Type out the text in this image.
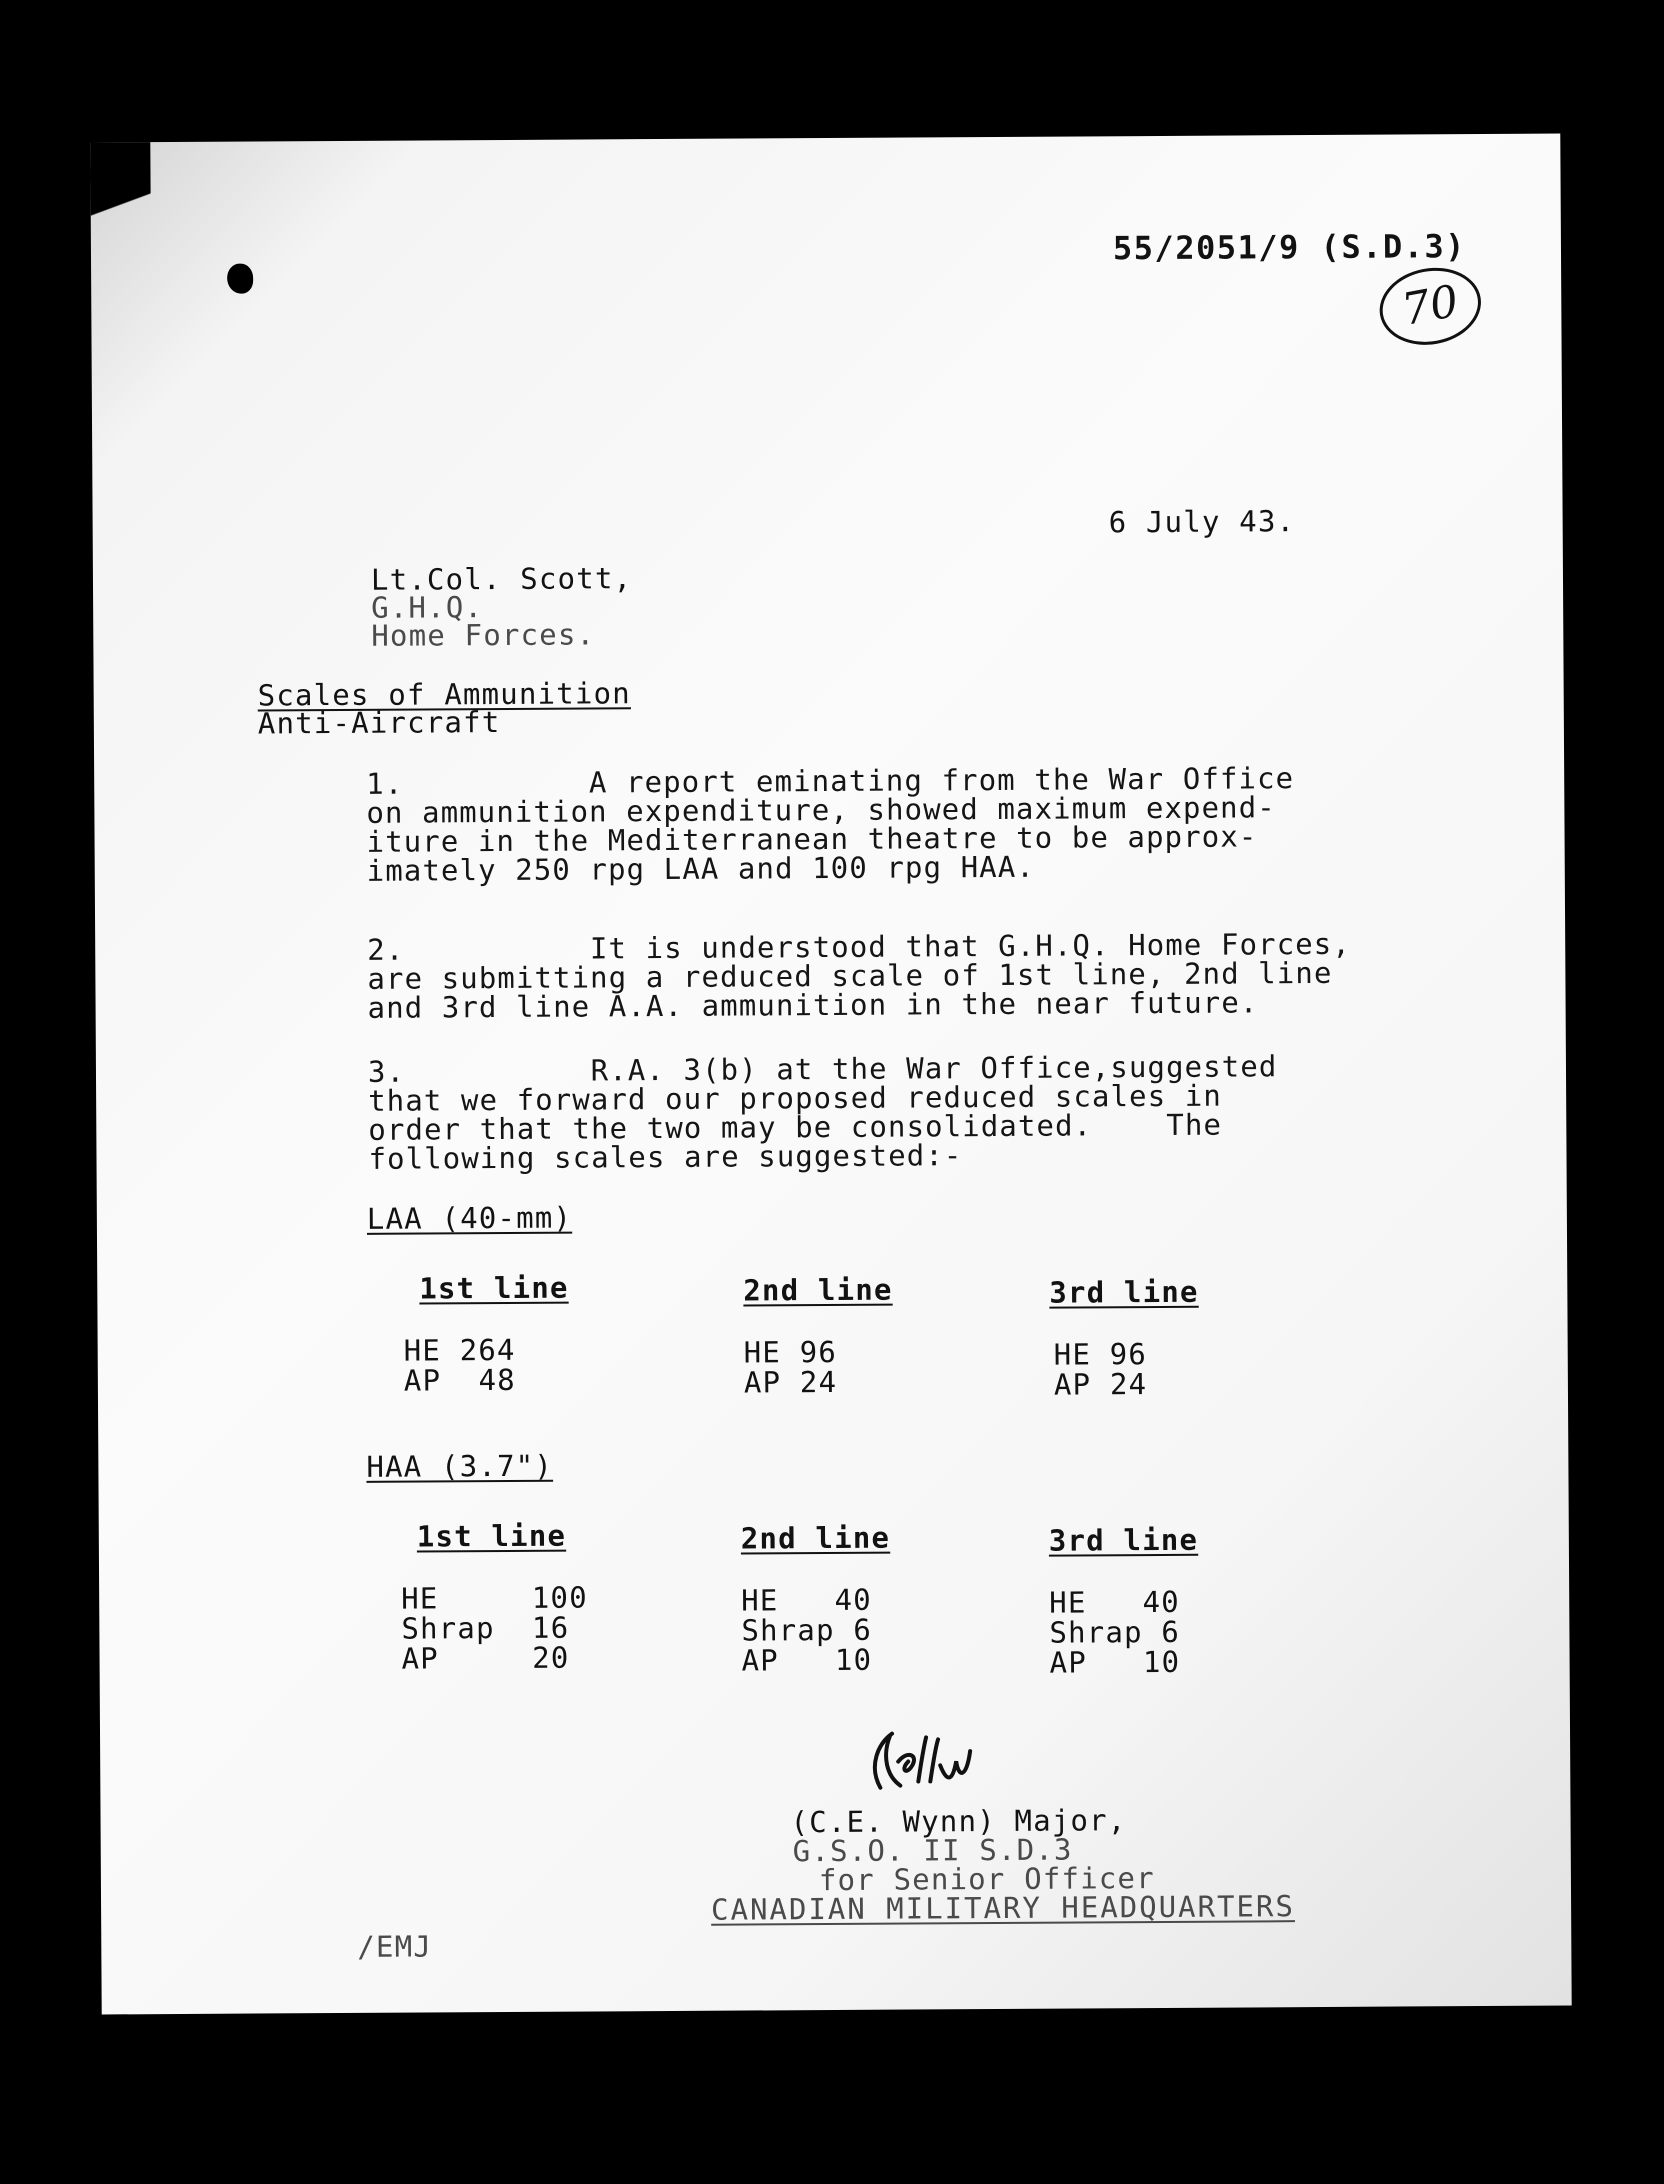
55/2051/9 (S.D.3)
70
6 July 43.
Lt.Col. Scott,
G.H.Q.
Home Forces.
Scales of Ammunition
Anti-Aircraft
1.          A report eminating from the War Office
on ammunition expenditure, showed maximum expend-
iture in the Mediterranean theatre to be approx-
imately 250 rpg LAA and 100 rpg HAA.
2.          It is understood that G.H.Q. Home Forces,
are submitting a reduced scale of 1st line, 2nd line
and 3rd line A.A. ammunition in the near future.
3.          R.A. 3(b) at the War Office,suggested
that we forward our proposed reduced scales in
order that the two may be consolidated.    The
following scales are suggested:-
LAA (40-mm)
1st line
HE 264
AP  48
2nd line
HE 96
AP 24
3rd line
HE 96
AP 24
HAA (3.7")
1st line
HE     100
Shrap  16
AP     20
2nd line
HE   40
Shrap 6
AP   10
3rd line
HE   40
Shrap 6
AP   10
(C.E. Wynn) Major,
G.S.O. II S.D.3
for Senior Officer
CANADIAN MILITARY HEADQUARTERS
/EMJ
